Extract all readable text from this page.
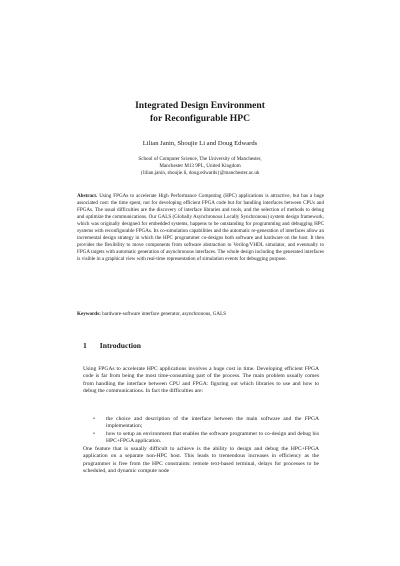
Integrated Design Environment
for Reconfigurable HPC

Lilian Janin, Shoujie Li and Doug Edwards

School of Computer Science, The University of Manchester,

Manchester M13 9PL, United Kingdom

{lilian.janin, shoujie.li, doug.edwards}@manchester.ac.uk

Abstract. Using FPGAs to accelerate High Performance Computing (HPC) applications is attractive, but has a huge associated cost: the time spent, not for developing efficient FPGA code but for handling interfaces between CPUs and FPGAs. The usual difficulties are the discovery of interface libraries and tools, and the selection of methods to debug and optimize the communications. Our GALS (Globally Asynchronous Locally Synchronous) system design framework, which was originally designed for embedded systems, happens to be outstanding for programming and debugging HPC systems with reconfigurable FPGAs. Its co-simulation capabilities and the automatic re-generation of interfaces allow an incremental design strategy in which the HPC programmer co-designs both software and hardware on the host. It then provides the flexibility to move components from software abstraction to Verilog/VHDL simulator, and eventually to FPGA targets with automatic generation of asynchronous interfaces. The whole design including the generated interfaces is visible in a graphical view with real-time representation of simulation events for debugging purpose.

Keywords: hardware-software interface generator, asynchronous, GALS

1 Introduction

Using FPGAs to accelerate HPC applications involves a huge cost in time. Developing efficient FPGA code is far from being the most time-consuming part of the process. The main problem usually comes from handling the interface between CPU and FPGA: figuring out which libraries to use and how to debug the communications. In fact the difficulties are:

• the choice and description of the interface between the main software and the FPGA implementation;
• how to setup an environment that enables the software programmer to co-design and debug his HPC+FPGA application.

One feature that is usually difficult to achieve is the ability to design and debug the HPC+FPGA application on a separate non-HPC host. This leads to tremendous increases in efficiency as the programmer is free from the HPC constraints: remote text-based terminal, delays for processes to be scheduled, and dynamic compute node
